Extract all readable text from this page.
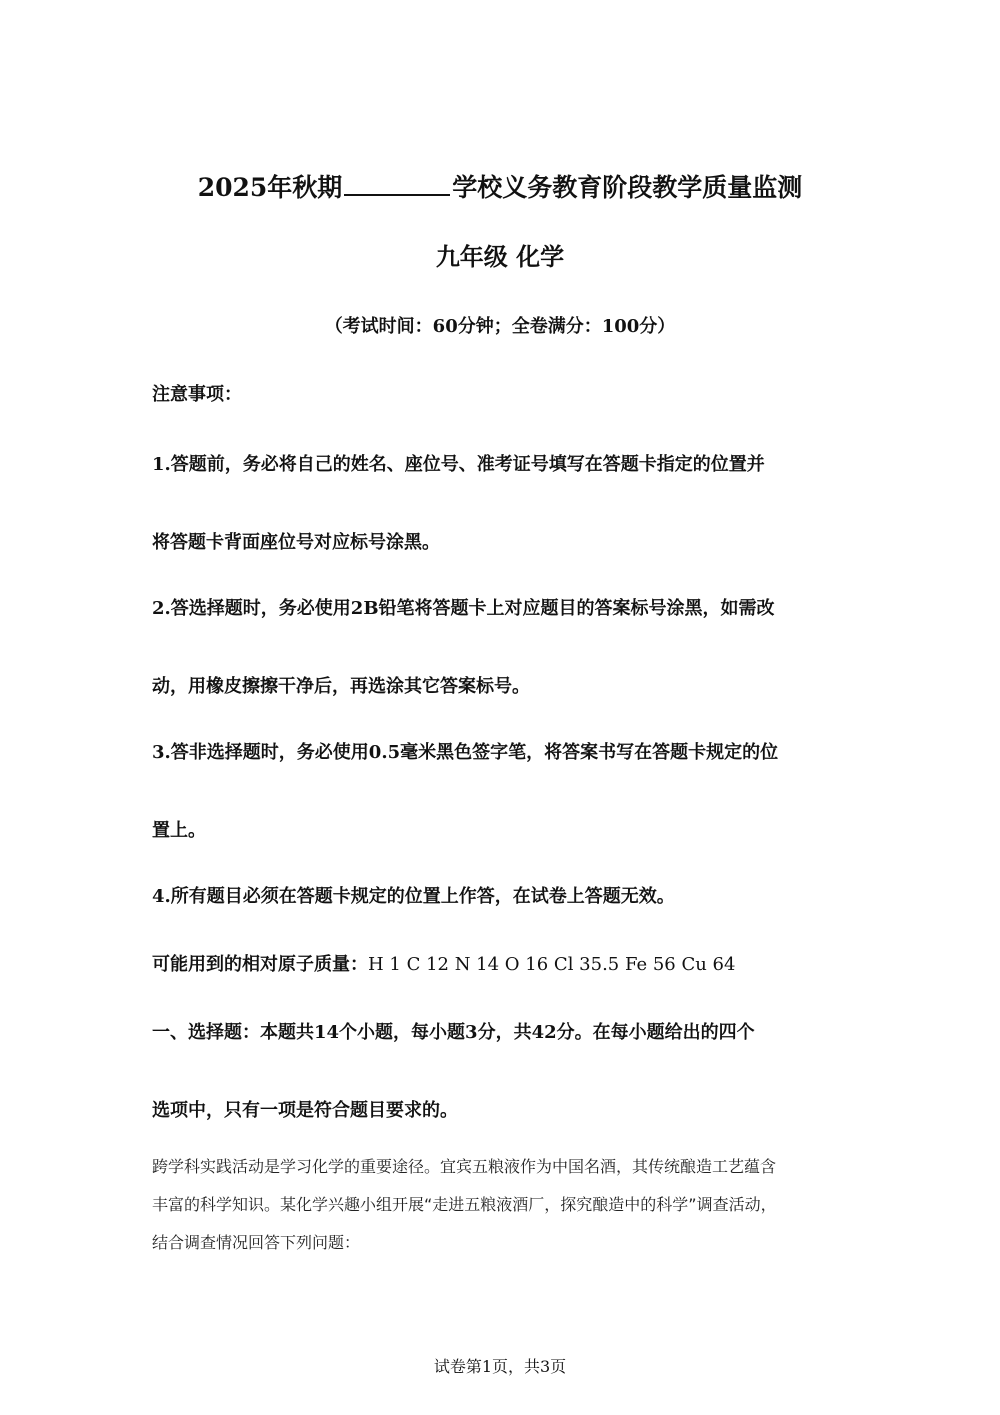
2025年秋期	学校义务教育阶段教学质量监测
九年级 化学
（考试时间：60分钟；全卷满分：100分）
注意事项：
1.答题前，务必将自己的姓名、座位号、准考证号填写在答题卡指定的位置并
将答题卡背面座位号对应标号涂黑。
2.答选择题时，务必使用2B铅笔将答题卡上对应题目的答案标号涂黑，如需改
动，用橡皮擦擦干净后，再选涂其它答案标号。
3.答非选择题时，务必使用0.5毫米黑色签字笔，将答案书写在答题卡规定的位
置上。
4.所有题目必须在答题卡规定的位置上作答，在试卷上答题无效。
可能用到的相对原子质量：H 1 C 12 N 14 O 16 Cl 35.5 Fe 56 Cu 64
一、选择题：本题共14个小题，每小题3分，共42分。在每小题给出的四个
选项中，只有一项是符合题目要求的。
跨学科实践活动是学习化学的重要途径。宜宾五粮液作为中国名酒，其传统酿造工艺蕴含
丰富的科学知识。某化学兴趣小组开展“走进五粮液酒厂，探究酿造中的科学”调查活动，
结合调查情况回答下列问题：
试卷第1页，共3页
